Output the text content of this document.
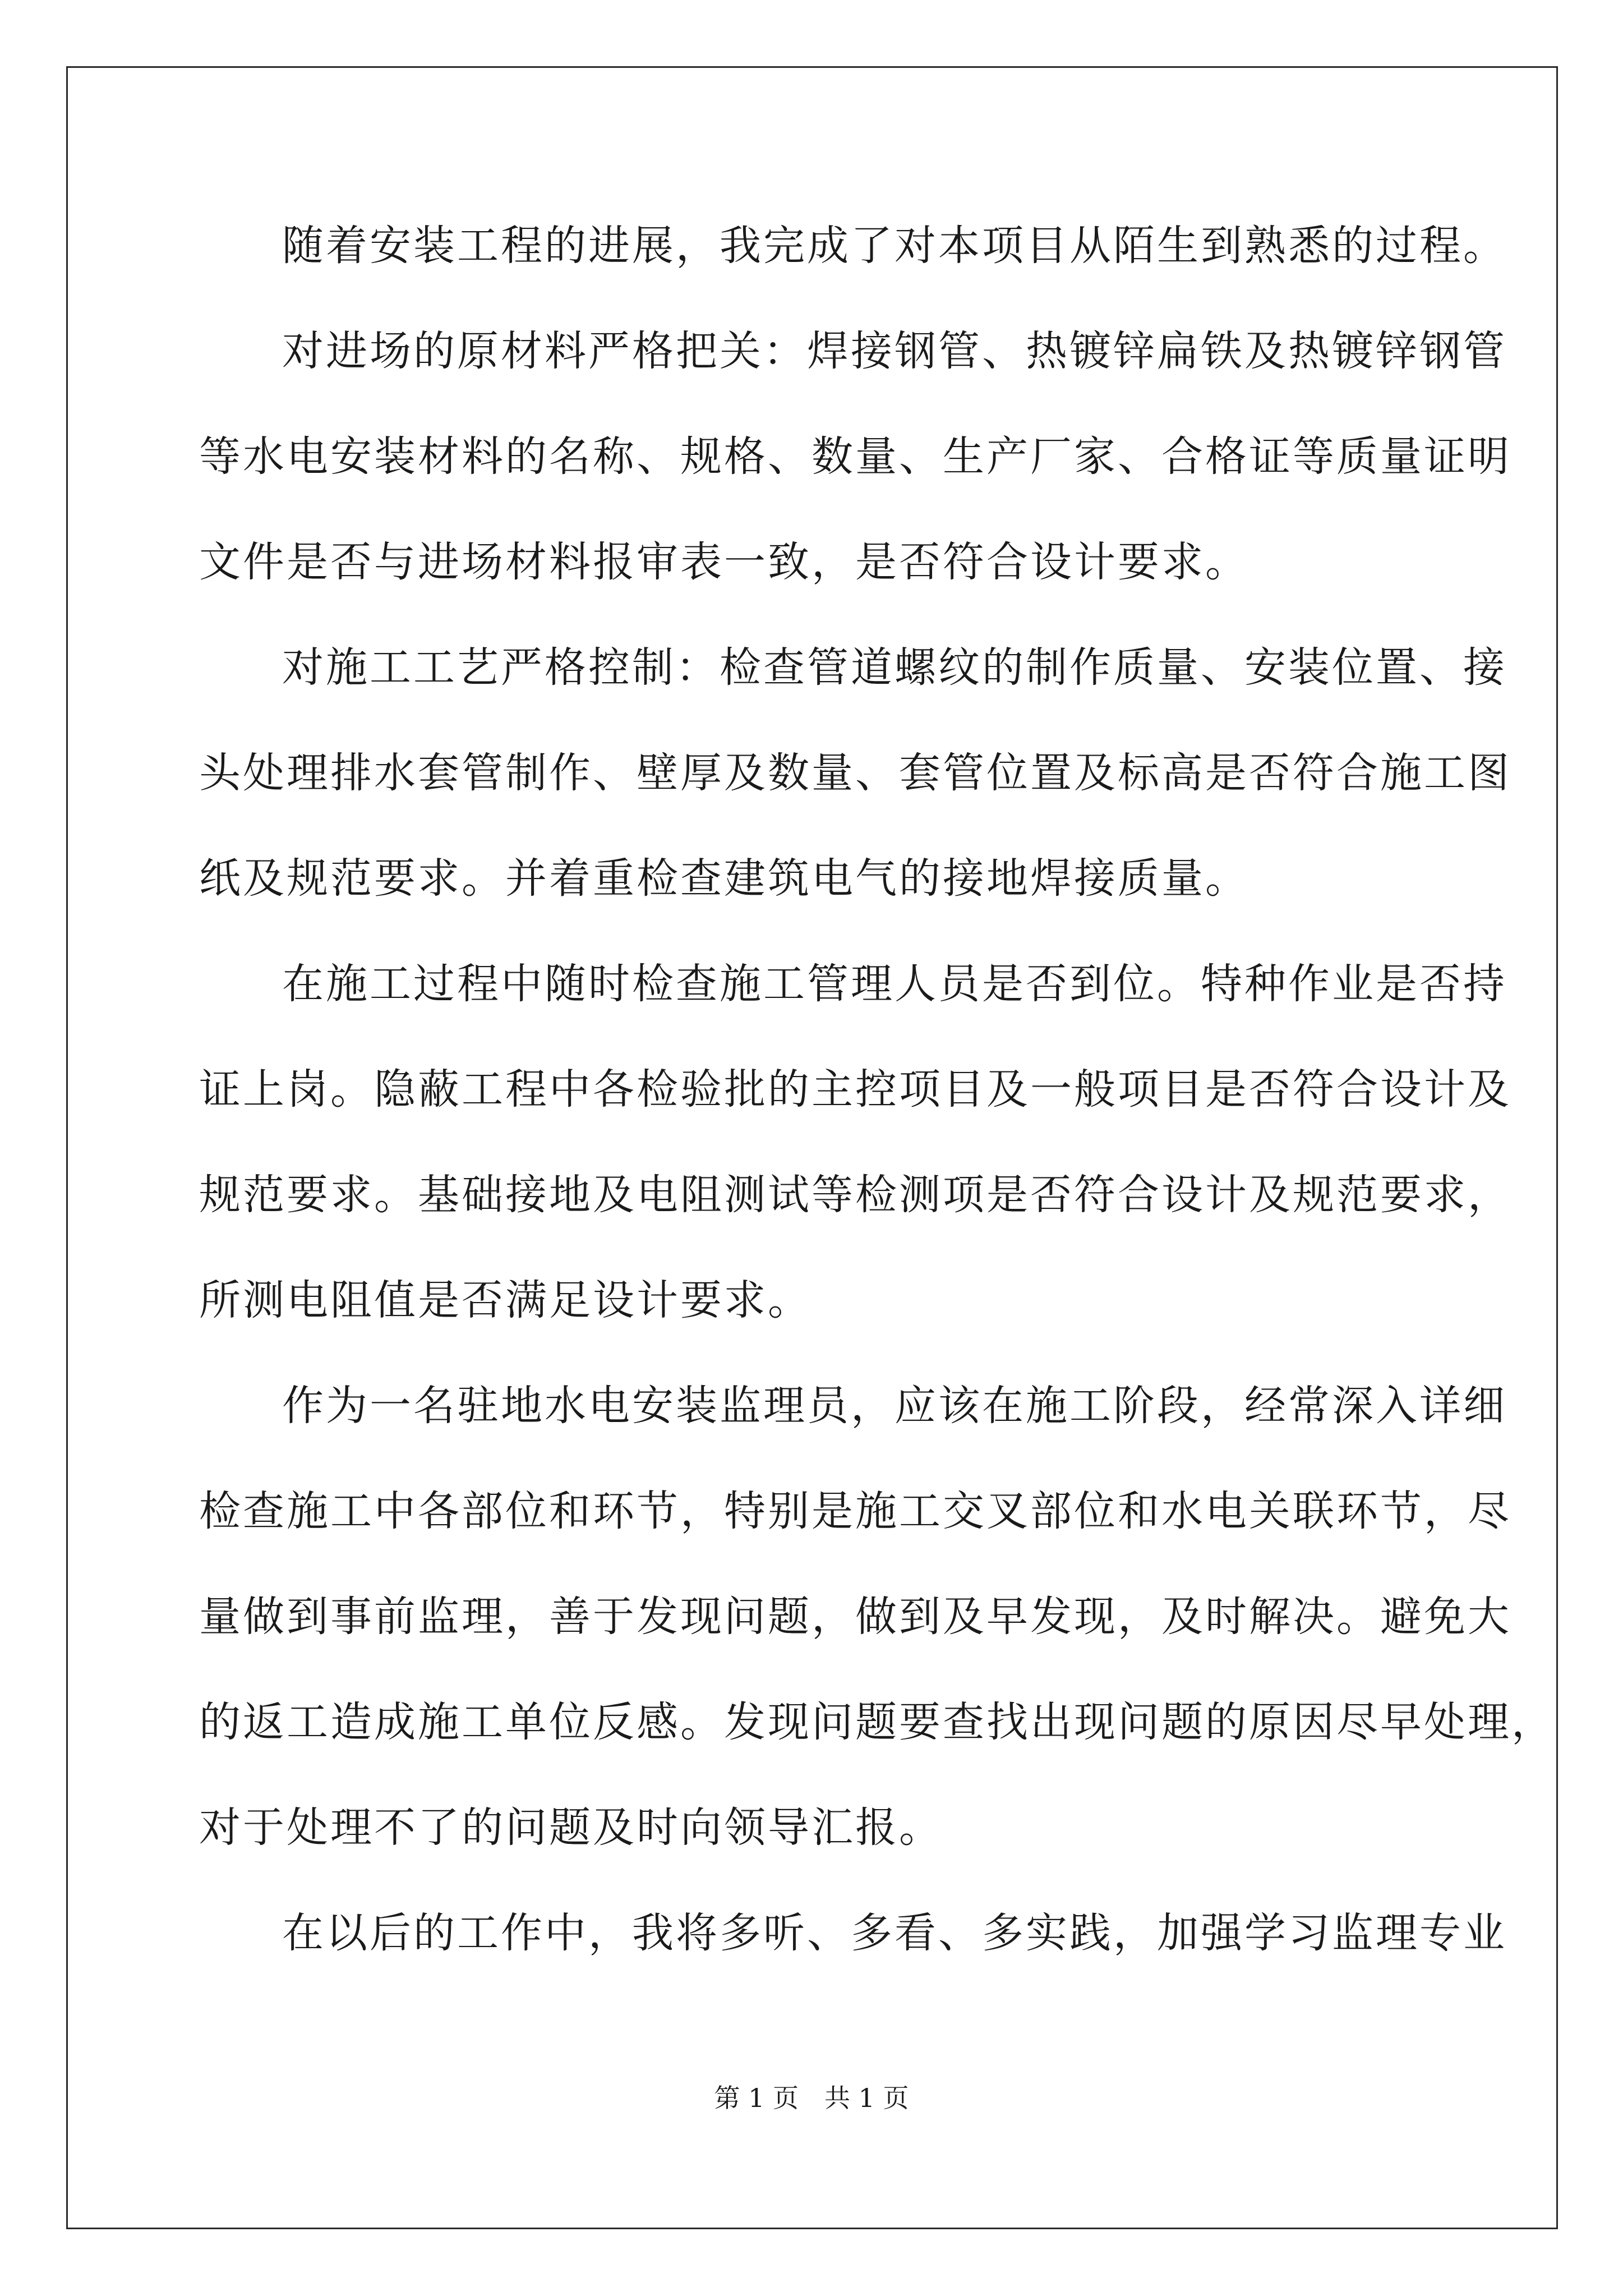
随着安装工程的进展，我完成了对本项目从陌生到熟悉的过程。
对进场的原材料严格把关：焊接钢管、热镀锌扁铁及热镀锌钢管
等水电安装材料的名称、规格、数量、生产厂家、合格证等质量证明
文件是否与进场材料报审表一致，是否符合设计要求。
对施工工艺严格控制：检查管道螺纹的制作质量、安装位置、接
头处理排水套管制作、壁厚及数量、套管位置及标高是否符合施工图
纸及规范要求。并着重检查建筑电气的接地焊接质量。
在施工过程中随时检查施工管理人员是否到位。特种作业是否持
证上岗。隐蔽工程中各检验批的主控项目及一般项目是否符合设计及
规范要求。基础接地及电阻测试等检测项是否符合设计及规范要求，
所测电阻值是否满足设计要求。
作为一名驻地水电安装监理员，应该在施工阶段，经常深入详细
检查施工中各部位和环节，特别是施工交叉部位和水电关联环节，尽
量做到事前监理，善于发现问题，做到及早发现，及时解决。避免大
的返工造成施工单位反感。发现问题要查找出现问题的原因尽早处理，
对于处理不了的问题及时向领导汇报。
在以后的工作中，我将多听、多看、多实践，加强学习监理专业
第 1 页　共 1 页
